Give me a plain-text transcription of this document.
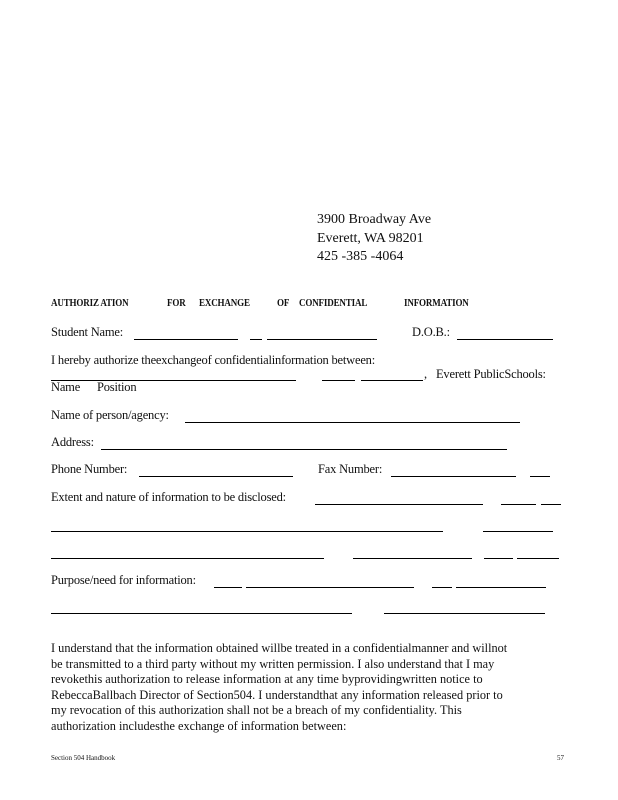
3900 Broadway Ave
Everett, WA 98201
425 -385 -4064
AUTHORIZ ATION	FOR EXCHANGE	OF CONFIDENTIAL	INFORMATION
Student Name:	D.O.B.:
I hereby authorize theexchangeof confidentialinformation between:
, Everett PublicSchools:
Name Position
Name of person/agency:
Address:
Phone Number:	Fax Number:
Extent and nature of information to be disclosed:
Purpose/need for information:
I understand that the information obtained willbe treated in a confidentialmanner and willnot
be transmitted to a third party without my written permission. I also understand that I may
revokethis authorization to release information at any time byprovidingwritten notice to
RebeccaBallbach Director of Section504. I understandthat any information released prior to
my revocation of this authorization shall not be a breach of my confidentiality. This
authorization includesthe exchange of information between:
Section 504 Handbook	57
